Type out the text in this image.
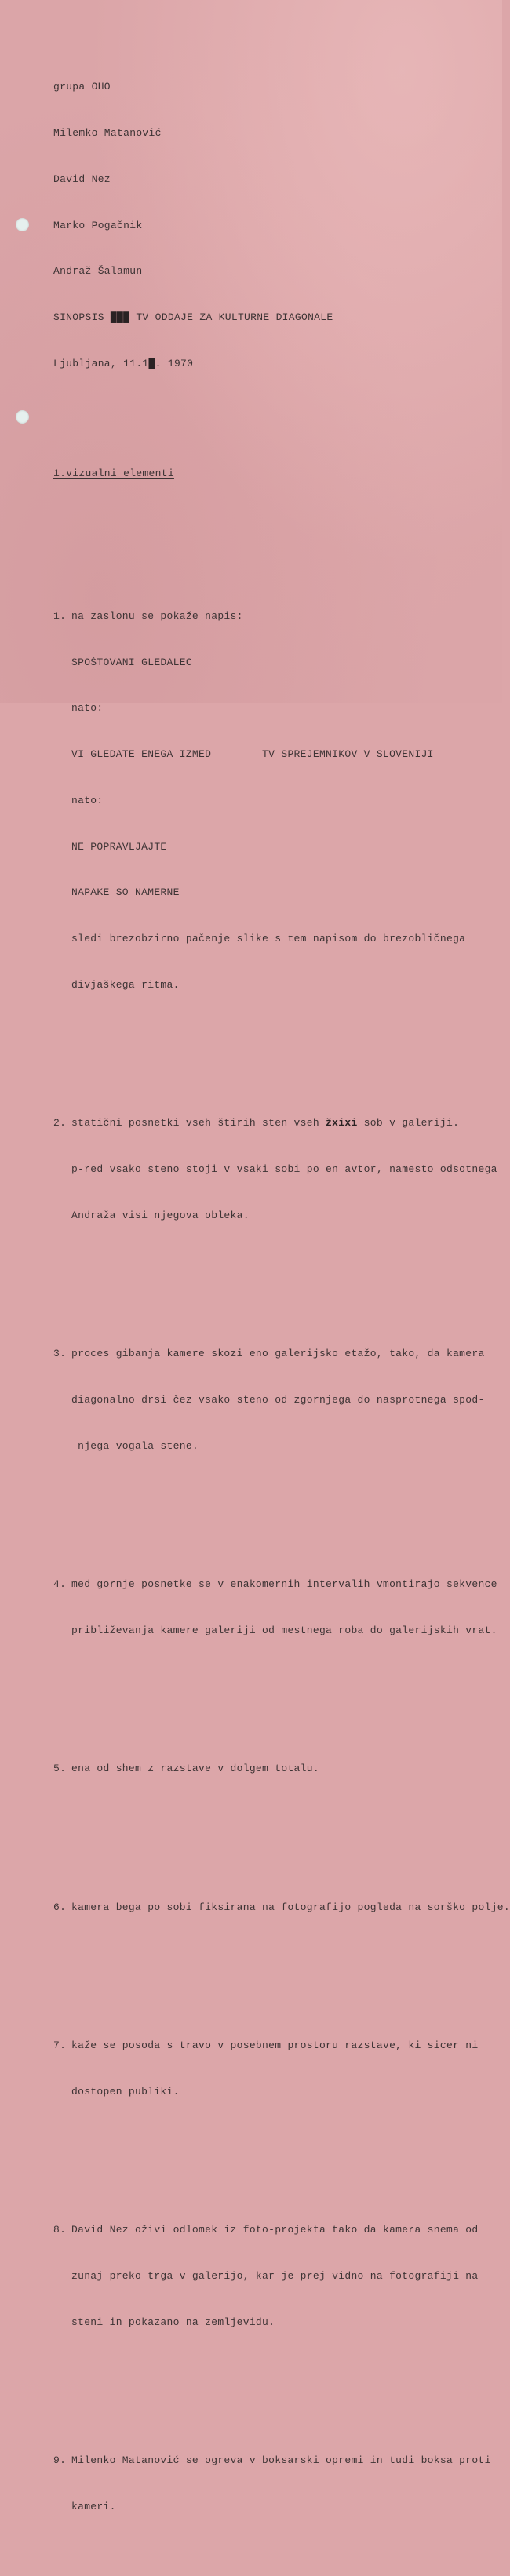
grupa OHO

Milemko Matanović

David Nez

Marko Pogačnik

Andraž Šalamun

SINOPSIS ███ TV ODDAJE ZA KULTURNE DIAGONALE

Ljubljana, 11.1█. 1970

1.vizualni elementi

1. na zaslonu se pokaže napis:

SPOŠTOVANI GLEDALEC

nato:

VI GLEDATE ENEGA IZMED        TV SPREJEMNIKOV V SLOVENIJI

nato:

NE POPRAVLJAJTE

NAPAKE SO NAMERNE

sledi brezobzirno pačenje slike s tem napisom do brezobličnega

divjaškega ritma.

2. statični posnetki vseh štirih sten vseh žxixi sob v galeriji.

p-red vsako steno stoji v vsaki sobi po en avtor, namesto odsotnega

Andraža visi njegova obleka.

3. proces gibanja kamere skozi eno galerijsko etažo, tako, da kamera

diagonalno drsi čez vsako steno od zgornjega do nasprotnega spod-

njega vogala stene.

4. med gornje posnetke se v enakomernih intervalih vmontirajo sekvence

približevanja kamere galeriji od mestnega roba do galerijskih vrat.

5. ena od shem z razstave v dolgem totalu.

6. kamera bega po sobi fiksirana na fotografijo pogleda na sorško polje.

7. kaže se posoda s travo v posebnem prostoru razstave, ki sicer ni

dostopen publiki.

8. David Nez oživi odlomek iz foto-projekta tako da kamera snema od

zunaj preko trga v galerijo, kar je prej vidno na fotografiji na

steni in pokazano na zemljevidu.

9. Milenko Matanović se ogreva v boksarski opremi in tudi boksa proti

kameri.
